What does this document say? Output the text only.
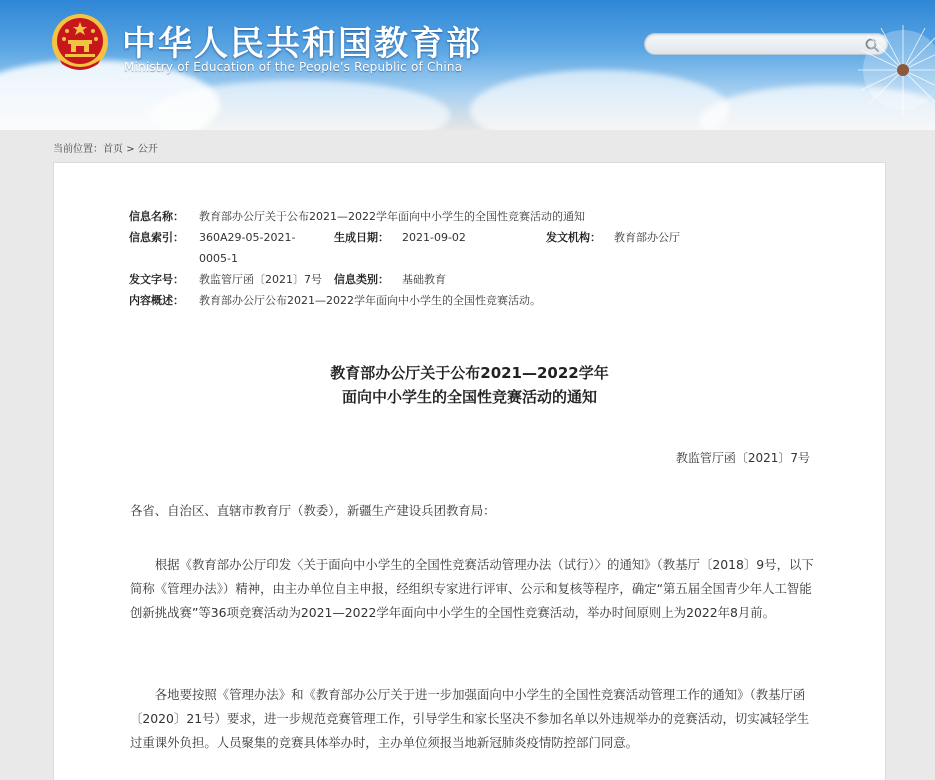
中华人民共和国教育部
Ministry of Education of the People's Republic of China
当前位置：首页 > 公开
信息名称： 教育部办公厅关于公布2021—2022学年面向中小学生的全国性竞赛活动的通知
信息索引： 360A29-05-2021-
0005-1
生成日期： 2021-09-02	发文机构： 教育部办公厅
发文字号： 教监管厅函〔2021〕7号 信息类别： 基础教育
内容概述： 教育部办公厅公布2021—2022学年面向中小学生的全国性竞赛活动。
教育部办公厅关于公布2021—2022学年
面向中小学生的全国性竞赛活动的通知
教监管厅函〔2021〕7号
各省、自治区、直辖市教育厅（教委），新疆生产建设兵团教育局：
根据《教育部办公厅印发〈关于面向中小学生的全国性竞赛活动管理办法（试行）〉的通知》（教基厅〔2018〕9号，以下简称《管理办法》）精神，由主办单位自主申报，经组织专家进行评审、公示和复核等程序，确定“第五届全国青少年人工智能创新挑战赛”等36项竞赛活动为2021—2022学年面向中小学生的全国性竞赛活动，举办时间原则上为2022年8月前。
各地要按照《管理办法》和《教育部办公厅关于进一步加强面向中小学生的全国性竞赛活动管理工作的通知》（教基厅函〔2020〕21号）要求，进一步规范竞赛管理工作，引导学生和家长坚决不参加名单以外违规举办的竞赛活动，切实减轻学生过重课外负担。人员聚集的竞赛具体举办时，主办单位须报当地新冠肺炎疫情防控部门同意。
